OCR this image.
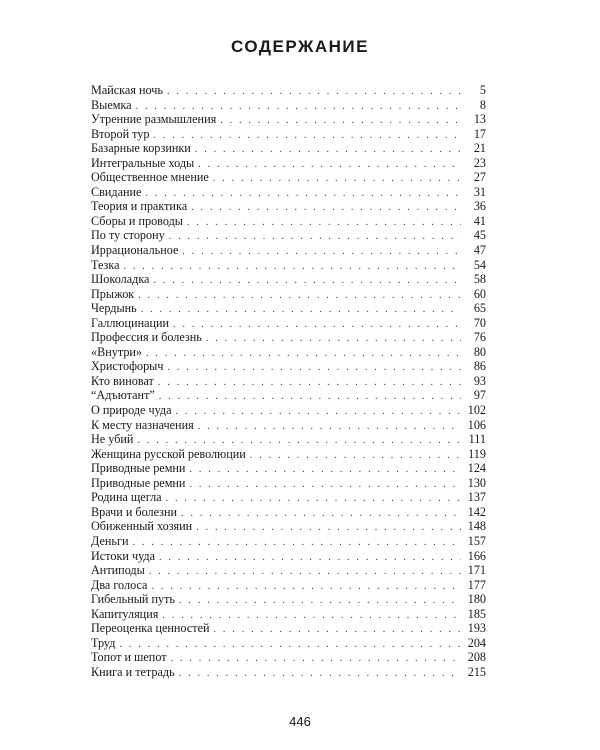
СОДЕРЖАНИЕ
Майская ночь . . .	5
Выемка . . .	8
Утренние размышления . . .	13
Второй тур . . .	17
Базарные корзинки . . .	21
Интегральные ходы . . .	23
Общественное мнение . . .	27
Свидание . . .	31
Теория и практика . . .	36
Сборы и проводы . . .	41
По ту сторону . . .	45
Иррациональное . . .	47
Тезка . . .	54
Шоколадка . . .	58
Прыжок . . .	60
Чердынь . . .	65
Галлюцинации . . .	70
Профессия и болезнь . . .	76
«Внутри» . . .	80
Христофорыч . . .	86
Кто виноват . . .	93
“Адъютант” . . .	97
О природе чуда . . .	102
К месту назначения . . .	106
Не убий . . .	111
Женщина русской революции . . .	119
Приводные ремни . . .	124
Приводные ремни . . .	130
Родина щегла . . .	137
Врачи и болезни . . .	142
Обиженный хозяин . . .	148
Деньги . . .	157
Истоки чуда . . .	166
Антиподы . . .	171
Два голоса . . .	177
Гибельный путь . . .	180
Капитуляция . . .	185
Переоценка ценностей . . .	193
Труд . . .	204
Топот и шепот . . .	208
Книга и тетрадь . . .	215
446
